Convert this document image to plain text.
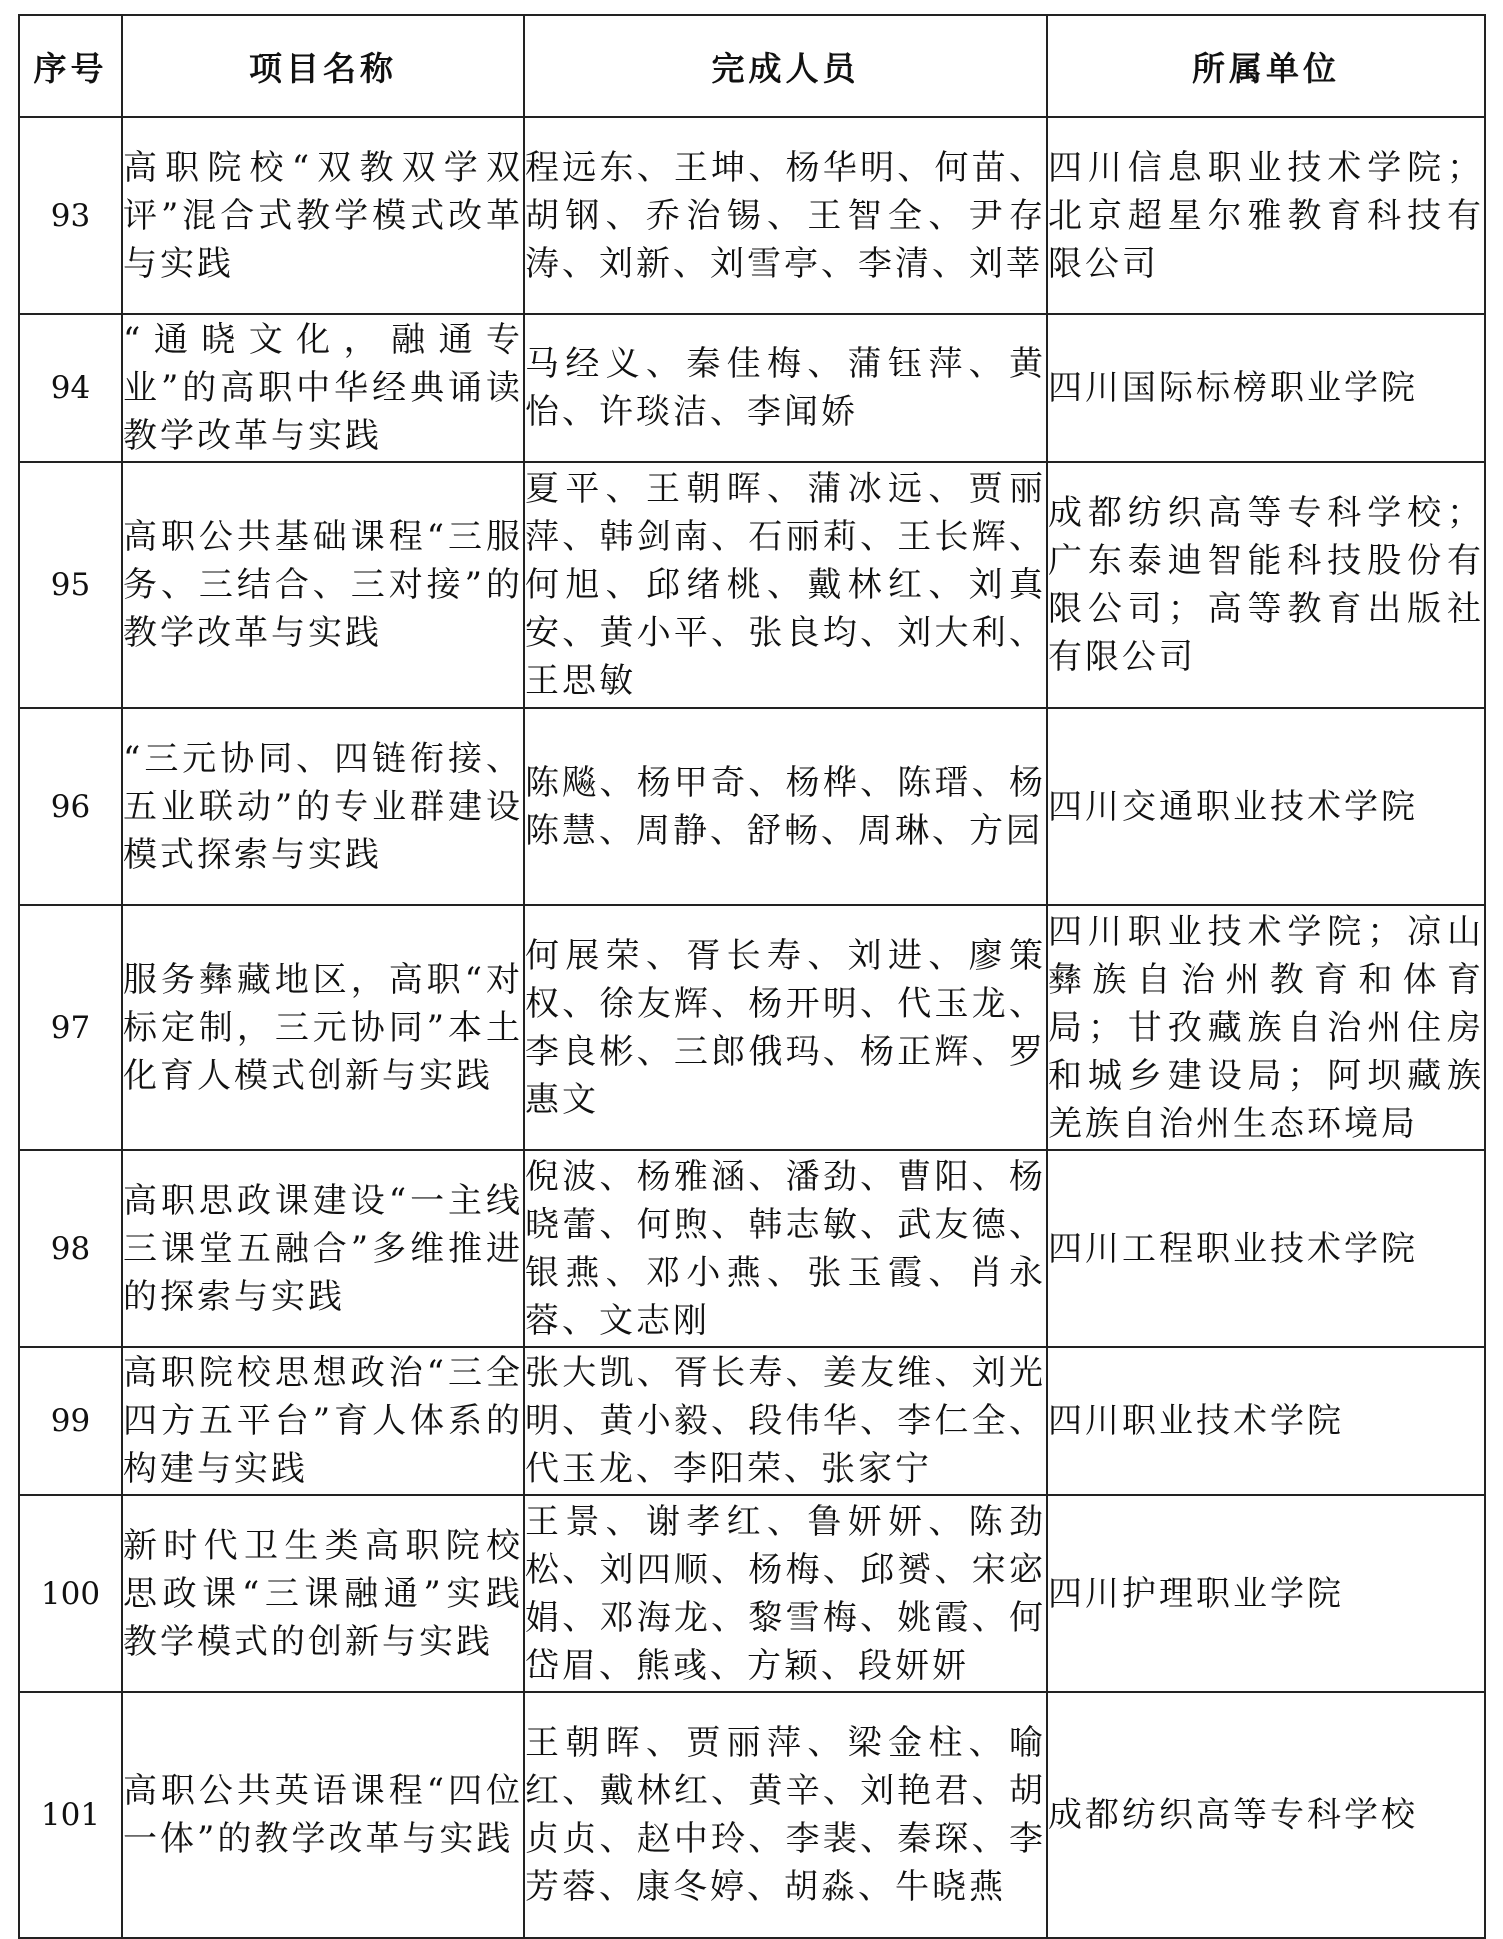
序号	项目名称	完成人员	所属单位
93	高职院校“双教双学双评”混合式教学模式改革与实践	程远东、王坤、杨华明、何苗、胡钢、乔治锡、王智全、尹存涛、刘新、刘雪亭、李清、刘莘	四川信息职业技术学院；北京超星尔雅教育科技有限公司
94	“通晓文化，融通专业”的高职中华经典诵读教学改革与实践	马经义、秦佳梅、蒲钰萍、黄怡、许琰洁、李闻娇	四川国际标榜职业学院
95	高职公共基础课程“三服务、三结合、三对接”的教学改革与实践	夏平、王朝晖、蒲冰远、贾丽萍、韩剑南、石丽莉、王长辉、何旭、邱绪桃、戴林红、刘真安、黄小平、张良均、刘大利、王思敏	成都纺织高等专科学校；广东泰迪智能科技股份有限公司；高等教育出版社有限公司
96	“三元协同、四链衔接、五业联动”的专业群建设模式探索与实践	陈飚、杨甲奇、杨桦、陈瑨、杨陈慧、周静、舒畅、周琳、方园	四川交通职业技术学院
97	服务彝藏地区，高职“对标定制，三元协同”本土化育人模式创新与实践	何展荣、胥长寿、刘进、廖策权、徐友辉、杨开明、代玉龙、李良彬、三郎俄玛、杨正辉、罗惠文	四川职业技术学院；凉山彝族自治州教育和体育局；甘孜藏族自治州住房和城乡建设局；阿坝藏族羌族自治州生态环境局
98	高职思政课建设“一主线三课堂五融合”多维推进的探索与实践	倪波、杨雅涵、潘劲、曹阳、杨晓蕾、何煦、韩志敏、武友德、银燕、邓小燕、张玉霞、肖永蓉、文志刚	四川工程职业技术学院
99	高职院校思想政治“三全四方五平台”育人体系的构建与实践	张大凯、胥长寿、姜友维、刘光明、黄小毅、段伟华、李仁全、代玉龙、李阳荣、张家宁	四川职业技术学院
100	新时代卫生类高职院校思政课“三课融通”实践教学模式的创新与实践	王景、谢孝红、鲁妍妍、陈劲松、刘四顺、杨梅、邱赟、宋宓娟、邓海龙、黎雪梅、姚霞、何岱眉、熊彧、方颖、段妍妍	四川护理职业学院
101	高职公共英语课程“四位一体”的教学改革与实践	王朝晖、贾丽萍、梁金柱、喻红、戴林红、黄辛、刘艳君、胡贞贞、赵中玲、李裴、秦琛、李芳蓉、康冬婷、胡淼、牛晓燕	成都纺织高等专科学校
